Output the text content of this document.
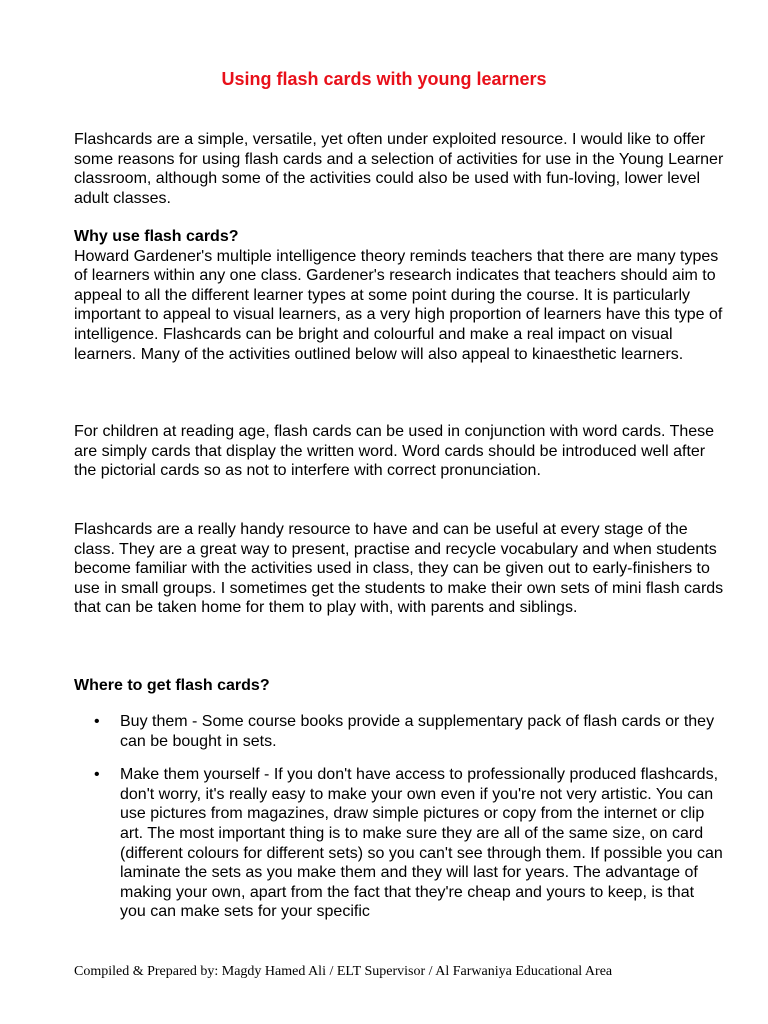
Using flash cards with young learners

Flashcards are a simple, versatile, yet often under exploited resource. I would like to offer some reasons for using flash cards and a selection of activities for use in the Young Learner classroom, although some of the activities could also be used with fun-loving, lower level adult classes.

Why use flash cards?

Howard Gardener's multiple intelligence theory reminds teachers that there are many types of learners within any one class. Gardener's research indicates that teachers should aim to appeal to all the different learner types at some point during the course. It is particularly important to appeal to visual learners, as a very high proportion of learners have this type of intelligence. Flashcards can be bright and colourful and make a real impact on visual learners. Many of the activities outlined below will also appeal to kinaesthetic learners.

For children at reading age, flash cards can be used in conjunction with word cards. These are simply cards that display the written word. Word cards should be introduced well after the pictorial cards so as not to interfere with correct pronunciation.

Flashcards are a really handy resource to have and can be useful at every stage of the class. They are a great way to present, practise and recycle vocabulary and when students become familiar with the activities used in class, they can be given out to early-finishers to use in small groups. I sometimes get the students to make their own sets of mini flash cards that can be taken home for them to play with, with parents and siblings.

Where to get flash cards?

• Buy them - Some course books provide a supplementary pack of flash cards or they can be bought in sets.
• Make them yourself - If you don't have access to professionally produced flashcards, don't worry, it's really easy to make your own even if you're not very artistic. You can use pictures from magazines, draw simple pictures or copy from the internet or clip art. The most important thing is to make sure they are all of the same size, on card (different colours for different sets) so you can't see through them. If possible you can laminate the sets as you make them and they will last for years. The advantage of making your own, apart from the fact that they're cheap and yours to keep, is that you can make sets for your specific
Compiled & Prepared by: Magdy Hamed Ali / ELT Supervisor / Al Farwaniya Educational Area
